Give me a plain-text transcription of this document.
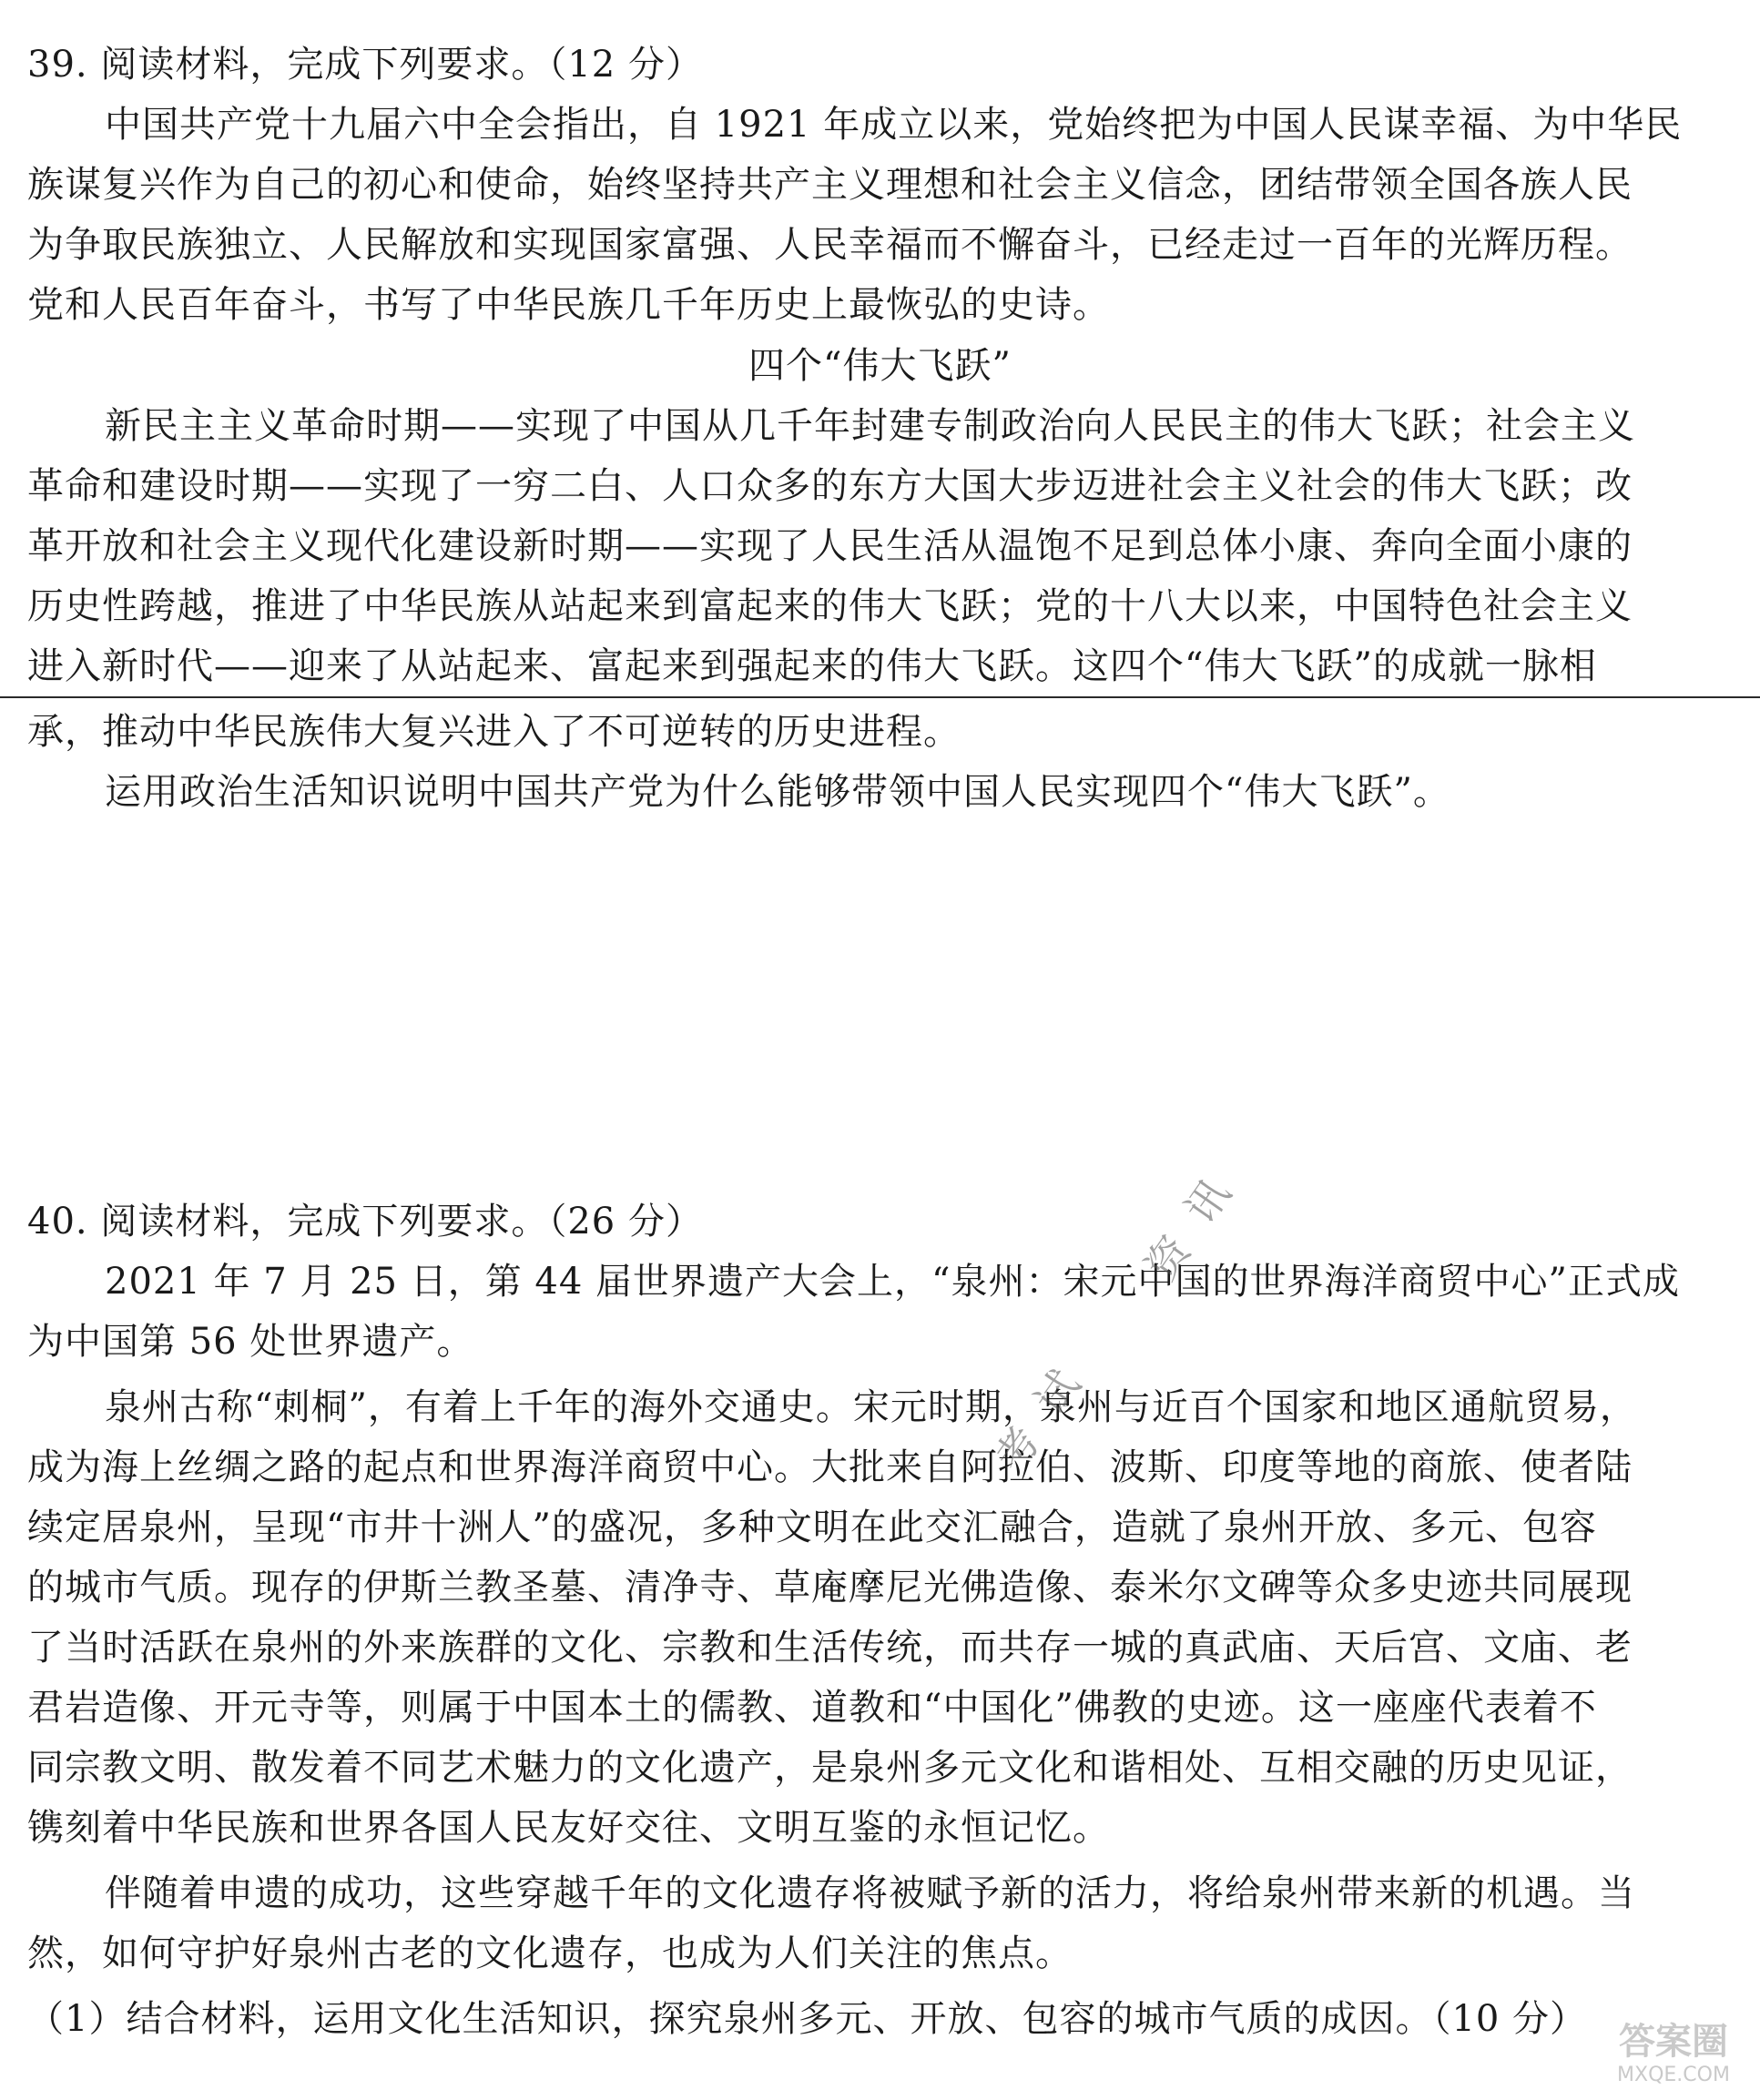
39. 阅读材料，完成下列要求。（12 分）
中国共产党十九届六中全会指出，自 1921 年成立以来，党始终把为中国人民谋幸福、为中华民
族谋复兴作为自己的初心和使命，始终坚持共产主义理想和社会主义信念，团结带领全国各族人民
为争取民族独立、人民解放和实现国家富强、人民幸福而不懈奋斗，已经走过一百年的光辉历程。
党和人民百年奋斗，书写了中华民族几千年历史上最恢弘的史诗。
四个“伟大飞跃”
新民主主义革命时期——实现了中国从几千年封建专制政治向人民民主的伟大飞跃；社会主义
革命和建设时期——实现了一穷二白、人口众多的东方大国大步迈进社会主义社会的伟大飞跃；改
革开放和社会主义现代化建设新时期——实现了人民生活从温饱不足到总体小康、奔向全面小康的
历史性跨越，推进了中华民族从站起来到富起来的伟大飞跃；党的十八大以来，中国特色社会主义
进入新时代——迎来了从站起来、富起来到强起来的伟大飞跃。这四个“伟大飞跃”的成就一脉相
承，推动中华民族伟大复兴进入了不可逆转的历史进程。
运用政治生活知识说明中国共产党为什么能够带领中国人民实现四个“伟大飞跃”。
40. 阅读材料，完成下列要求。（26 分）
2021 年 7 月 25 日，第 44 届世界遗产大会上，“泉州：宋元中国的世界海洋商贸中心”正式成
为中国第 56 处世界遗产。
泉州古称“刺桐”，有着上千年的海外交通史。宋元时期，泉州与近百个国家和地区通航贸易，
成为海上丝绸之路的起点和世界海洋商贸中心。大批来自阿拉伯、波斯、印度等地的商旅、使者陆
续定居泉州，呈现“市井十洲人”的盛况，多种文明在此交汇融合，造就了泉州开放、多元、包容
的城市气质。现存的伊斯兰教圣墓、清净寺、草庵摩尼光佛造像、泰米尔文碑等众多史迹共同展现
了当时活跃在泉州的外来族群的文化、宗教和生活传统，而共存一城的真武庙、天后宫、文庙、老
君岩造像、开元寺等，则属于中国本土的儒教、道教和“中国化”佛教的史迹。这一座座代表着不
同宗教文明、散发着不同艺术魅力的文化遗产，是泉州多元文化和谐相处、互相交融的历史见证，
镌刻着中华民族和世界各国人民友好交往、文明互鉴的永恒记忆。
伴随着申遗的成功，这些穿越千年的文化遗存将被赋予新的活力，将给泉州带来新的机遇。当
然，如何守护好泉州古老的文化遗存，也成为人们关注的焦点。
（1）结合材料，运用文化生活知识，探究泉州多元、开放、包容的城市气质的成因。（10 分）
资讯
考试
答案圈
MXQE.COM
